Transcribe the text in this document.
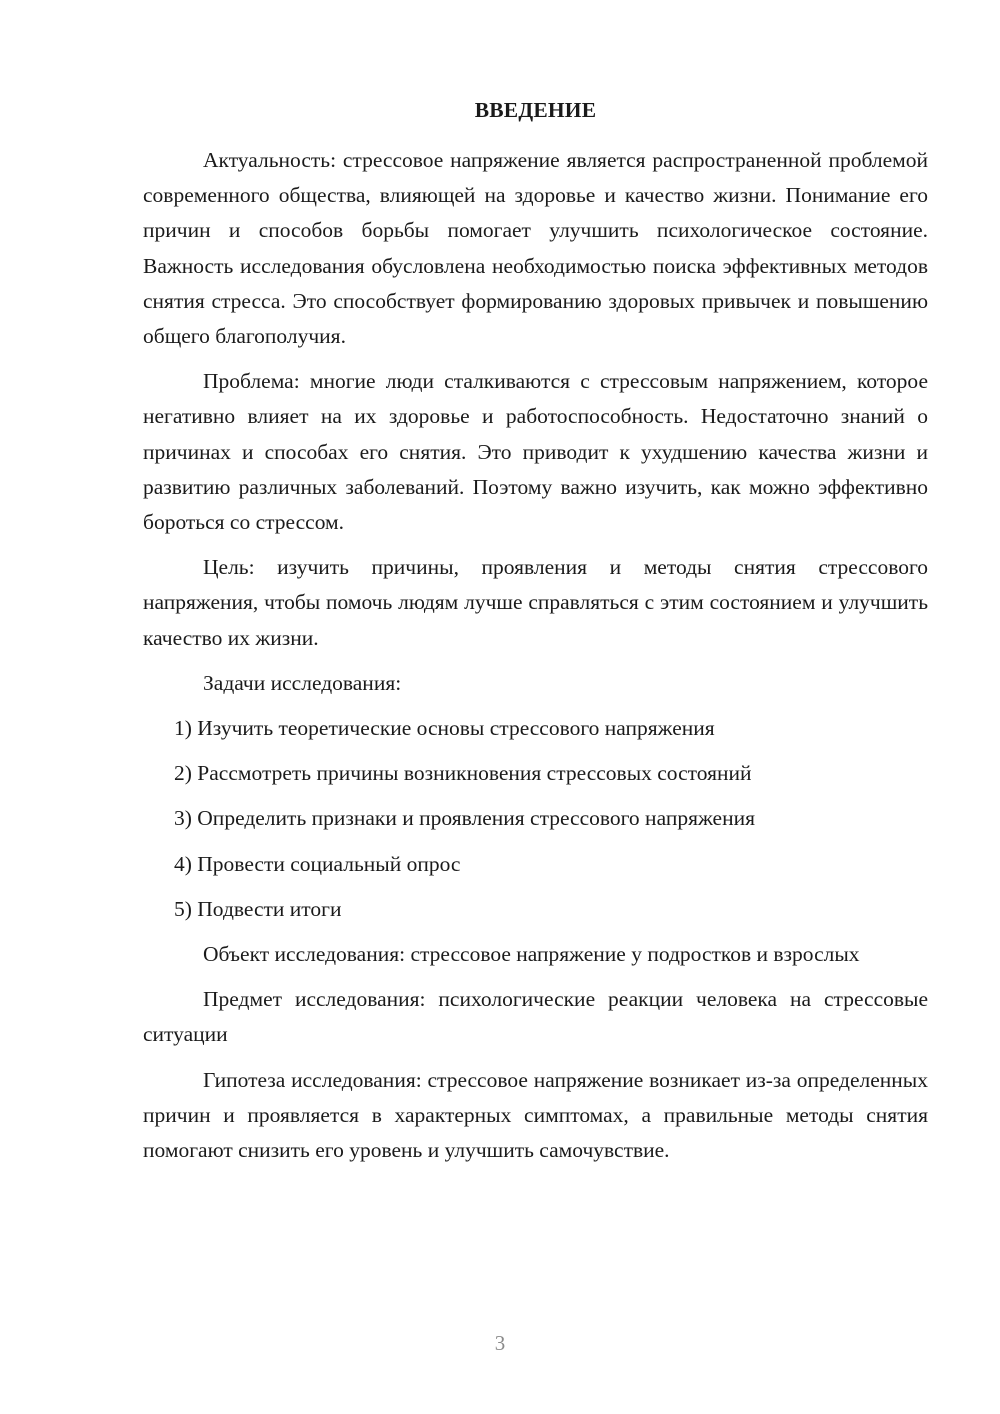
ВВЕДЕНИЕ

Актуальность: стрессовое напряжение является распространенной проблемой современного общества, влияющей на здоровье и качество жизни. Понимание его причин и способов борьбы помогает улучшить психологическое состояние. Важность исследования обусловлена необходимостью поиска эффективных методов снятия стресса. Это способствует формированию здоровых привычек и повышению общего благополучия.

Проблема: многие люди сталкиваются с стрессовым напряжением, которое негативно влияет на их здоровье и работоспособность. Недостаточно знаний о причинах и способах его снятия. Это приводит к ухудшению качества жизни и развитию различных заболеваний. Поэтому важно изучить, как можно эффективно бороться со стрессом.

Цель: изучить причины, проявления и методы снятия стрессового напряжения, чтобы помочь людям лучше справляться с этим состоянием и улучшить качество их жизни.

Задачи исследования:

1) Изучить теоретические основы стрессового напряжения

2) Рассмотреть причины возникновения стрессовых состояний

3) Определить признаки и проявления стрессового напряжения

4) Провести социальный опрос

5) Подвести итоги

Объект исследования: стрессовое напряжение у подростков и взрослых

Предмет исследования: психологические реакции человека на стрессовые ситуации

Гипотеза исследования: стрессовое напряжение возникает из-за определенных причин и проявляется в характерных симптомах, а правильные методы снятия помогают снизить его уровень и улучшить самочувствие.

3
